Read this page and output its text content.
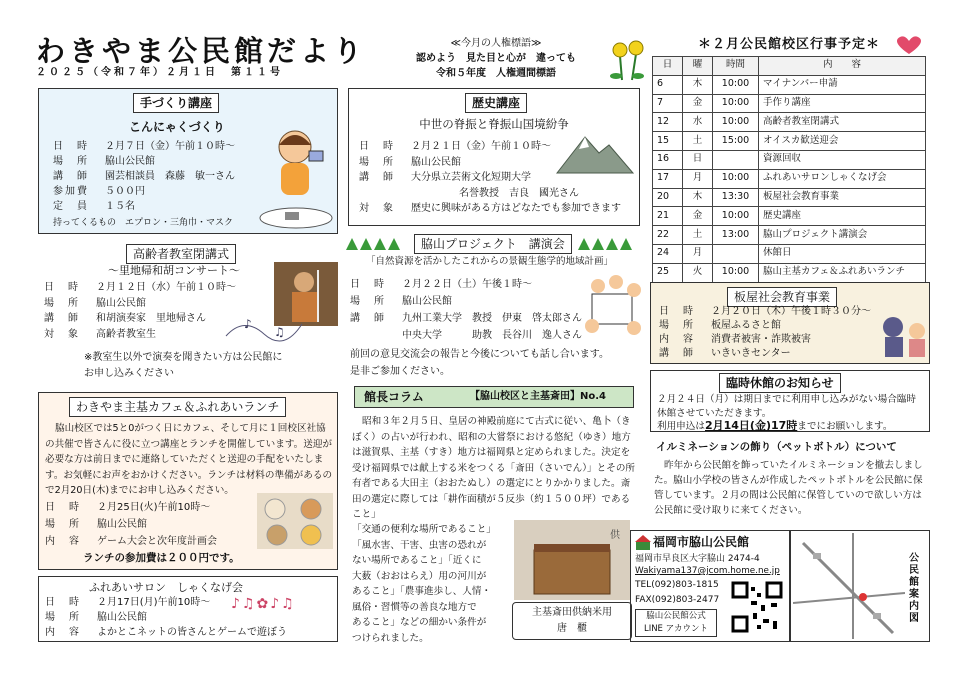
わきやま公民館だより
２０２５（令和７年）２月１日　第１１号
≪今月の人権標語≫
認めよう　見た目と心が　違っても
令和５年度　人権週間標語
＊２月公民館校区行事予定＊
日	曜	時間	内　　容
6	木	10:00	マイナンバー申請
7	金	10:00	手作り講座
12	水	10:00	高齢者教室閉講式
15	土	15:00	オイスカ歓送迎会
16	日		資源回収
17	月	10:00	ふれあいサロンしゃくなげ会
20	木	13:30	板屋社会教育事業
21	金	10:00	歴史講座
22	土	13:00	脇山プロジェクト講演会
24	月		休館日
25	火	10:00	脇山主基カフェ＆ふれあいランチ
手づくり講座
こんにゃくづくり
日　時	２月７日（金）午前１０時～
場　所	脇山公民館
講　師	園芸相談員　森藤　敏一さん
参加費	５００円
定　員	１５名
持ってくるもの　エプロン・三角巾・マスク
歴史講座
中世の脊振と脊振山国境紛争
日　時	２月２１日（金）午前１０時～
場　所	脇山公民館
講　師	大分県立芸術文化短期大学
名誉教授　吉良　國光さん
対　象	歴史に興味がある方はどなたでも参加できます
高齢者教室閉講式
～里地帰和胡コンサート～
日　時	２月１２日（水）午前１０時～
場　所	脇山公民館
講　師	和胡演奏家　里地帰さん
対　象	高齢者教室生
※教室生以外で演奏を聞きたい方は公民館に
お申し込みください
♪
♫
脇山プロジェクト　講演会
「自然資源を活かしたこれからの景観生態学的地域計画」
日　時	２月２２日（土）午後１時～
場　所	脇山公民館
講　師	九州工業大学　教授　伊東　啓太郎さん
中央大学　　　助教　長谷川　逸人さん
前回の意見交流会の報告と今後についても話し合います。
是非ご参加ください。
館長コラム	【脇山校区と主基斎田】No.4
昭和３年２月５日、皇居の神殿前庭にて古式に従い、亀卜（きぼく）の占いが行われ、昭和の大嘗祭における悠紀（ゆき）地方は滋賀県、主基（すき）地方は福岡県と定められました。決定を受け福岡県では献上する米をつくる「斎田（さいでん）」とその所有者である大田主（おおたぬし）の選定にとりかかりました。斎田の選定に際しては「耕作面積が５反歩（約１５００坪）であること」
「交通の便利な場所であること」
「風水害、干害、虫害の恐れが
ない場所であること」「近くに
大薮（おおはらえ）用の河川が
あること」「農事進歩し、人情・
風俗・習慣等の善良な地方で
あること」などの細かい条件が
つけられました。
供
主基斎田供納米用
唐　櫃
わきやま主基カフェ＆ふれあいランチ
脇山校区では5と0がつく日にカフェ、そして月に１回校区社協の共催で皆さんに役に立つ講座とランチを開催しています。送迎が必要な方は前日までに連絡していただくと送迎の手配をいたします。お気軽にお声をおかけください。ランチは材料の準備があるので2月20日(木)までにお申し込みください。
日　時	２月25日(火)午前10時～
場　所	脇山公民館
内　容	ゲーム大会と次年度計画会
ランチの参加費は２００円です。
ふれあいサロン　しゃくなげ会
日　時	２月17日(月)午前10時～
場　所	脇山公民館
内　容	よかとこネットの皆さんとゲームで遊ぼう
♪♫✿♪♫
板屋社会教育事業
日　時	２月２０日（木）午後１時３０分～
場　所	板屋ふるさと館
内　容	消費者被害・詐欺被害
講　師	いきいきセンター
臨時休館のお知らせ
２月２４日（月）は期日までに利用申し込みがない場合臨時休館させていただきます。
利用申込は2月14日(金)17時までにお願いします。
イルミネーションの飾り（ペットボトル）について
昨年から公民館を飾っていたイルミネーションを撤去しました。脇山小学校の皆さんが作成したペットボトルを公民館に保管しています。２月の間は公民館に保管していので欲しい方は公民館に受け取りに来てください。
福岡市脇山公民館
福岡市早良区大字脇山 2474-4
Wakiyama137@jcom.home.ne.jp
TEL(092)803-1815
FAX(092)803-2477
脇山公民館公式
LINE アカウント
公民館案内図
